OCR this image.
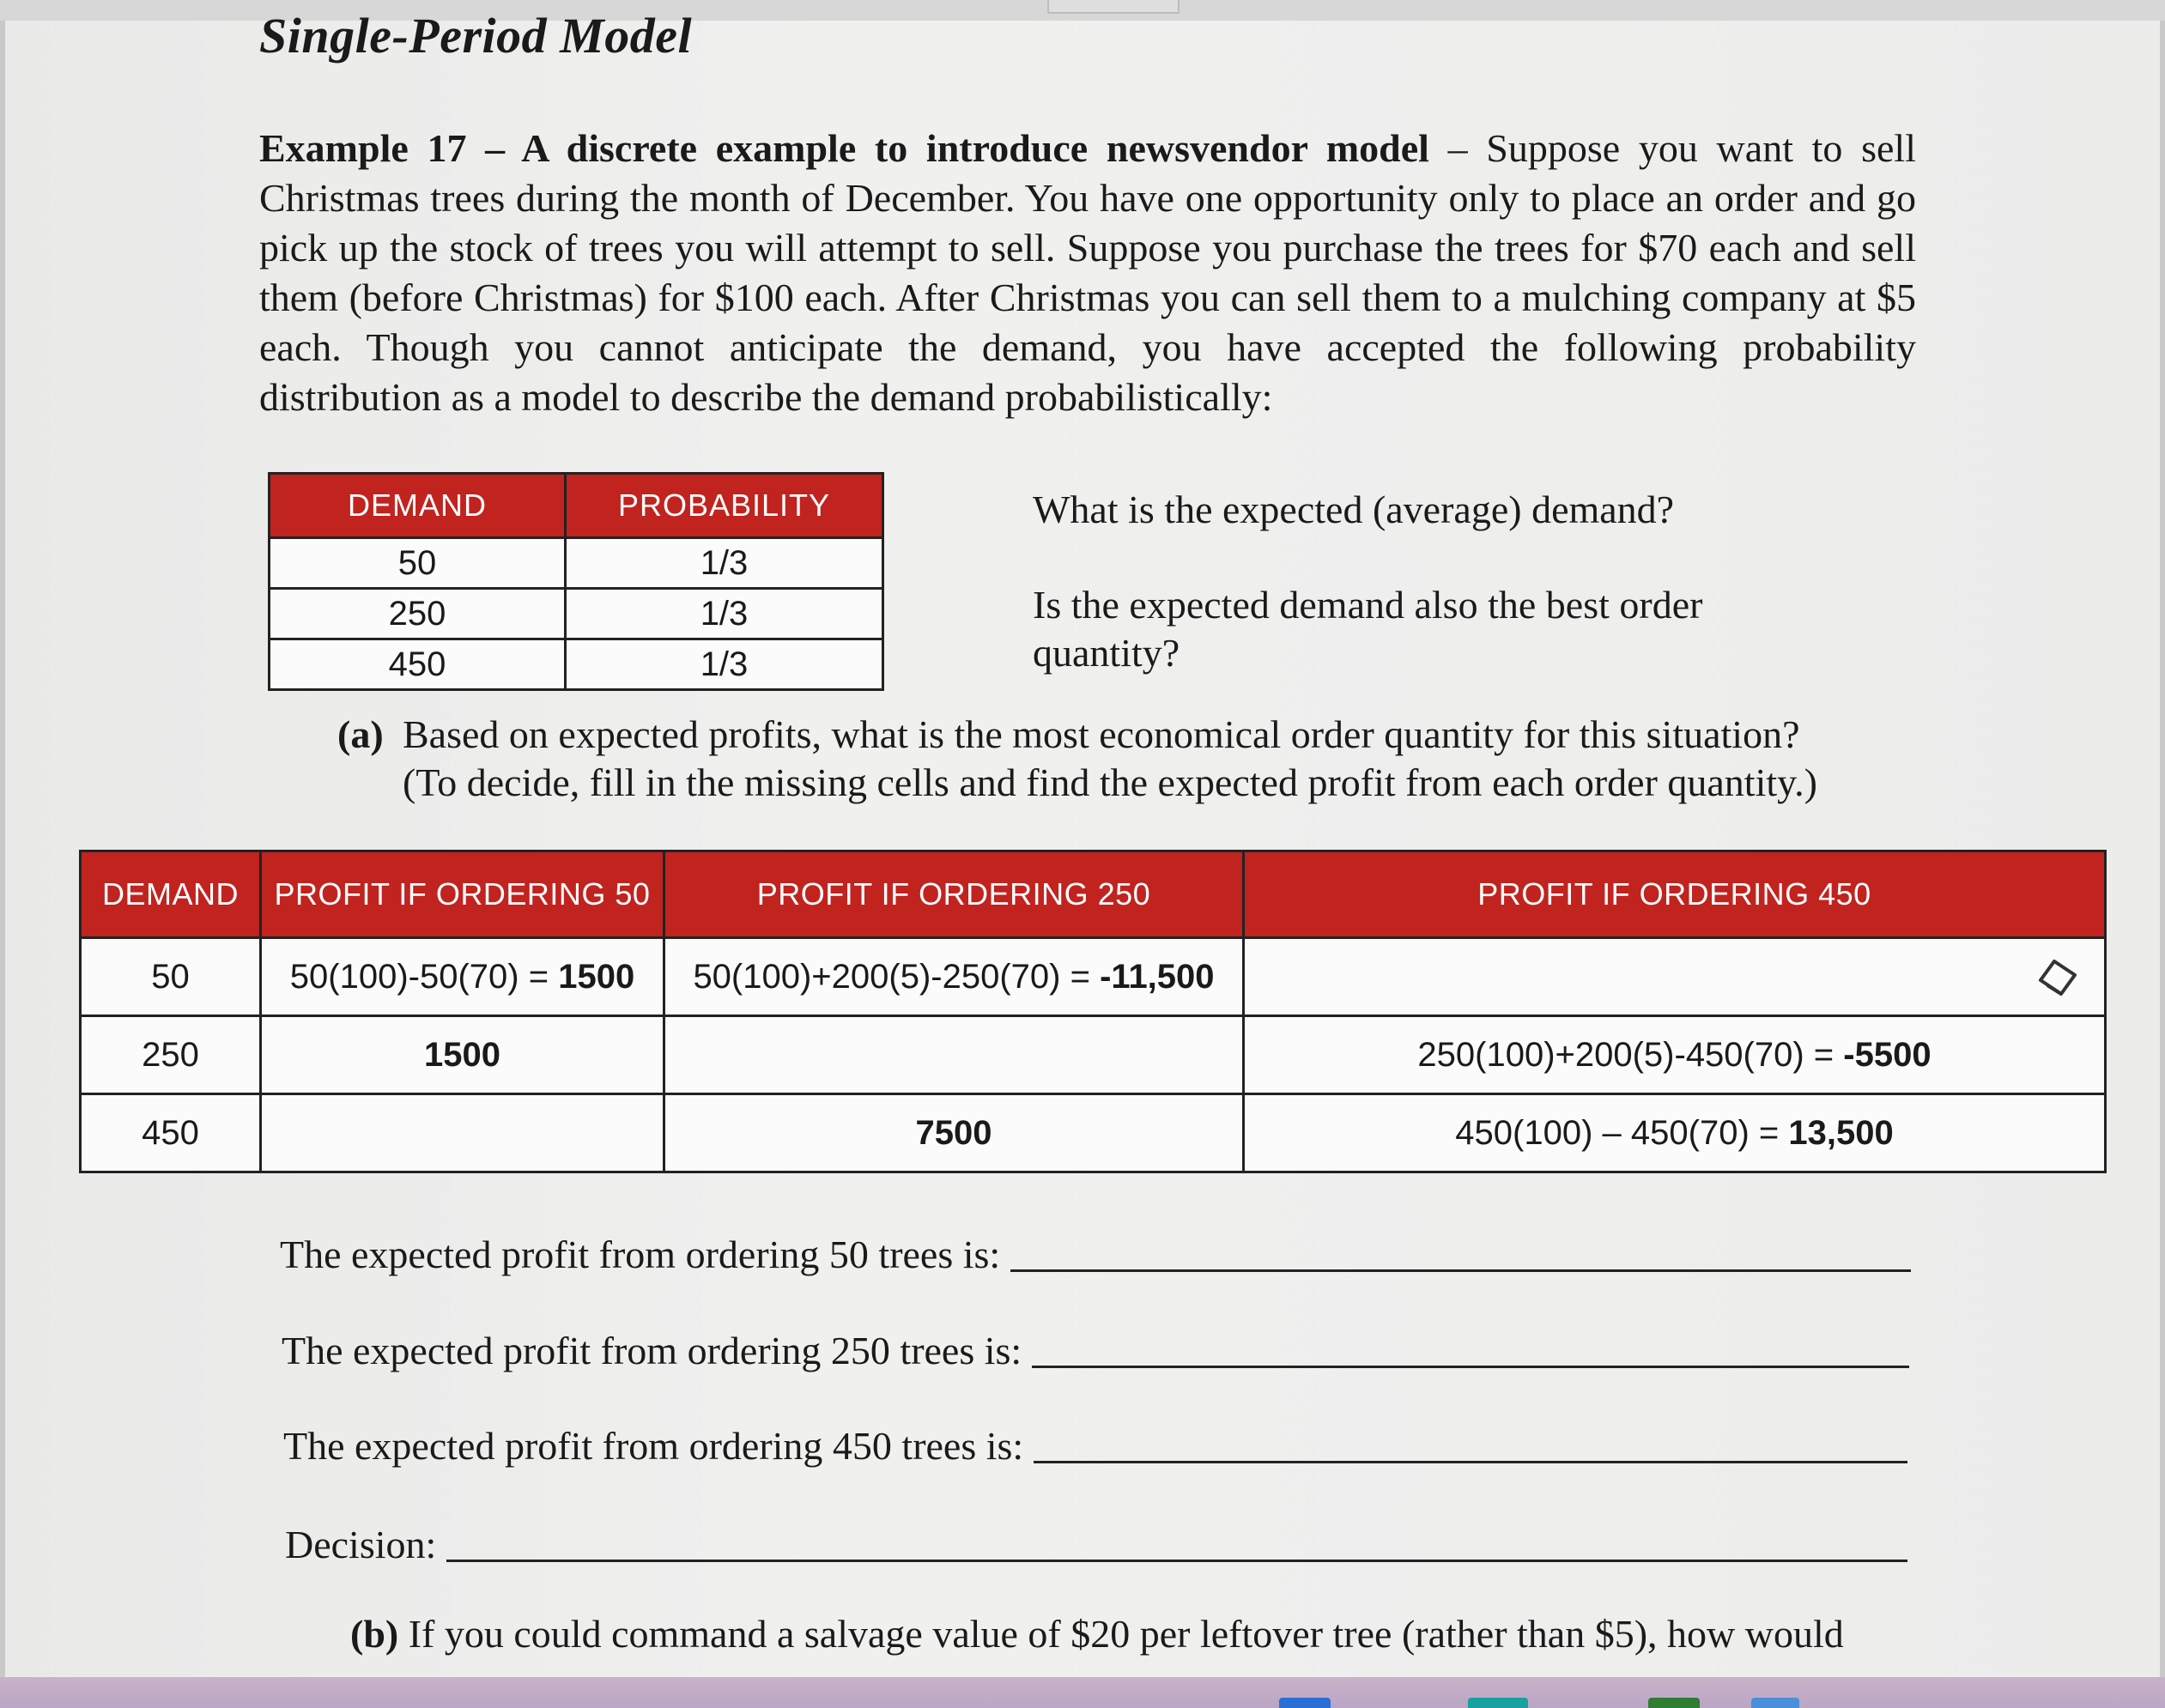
Single-Period Model

Example 17 – A discrete example to introduce newsvendor model – Suppose you want to sell Christmas trees during the month of December. You have one opportunity only to place an order and go pick up the stock of trees you will attempt to sell. Suppose you purchase the trees for $70 each and sell them (before Christmas) for $100 each. After Christmas you can sell them to a mulching company at $5 each. Though you cannot anticipate the demand, you have accepted the following probability distribution as a model to describe the demand probabilistically:

DEMAND	PROBABILITY
50	1/3
250	1/3
450	1/3

What is the expected (average) demand?

Is the expected demand also the best order quantity?

(a) Based on expected profits, what is the most economical order quantity for this situation?
(To decide, fill in the missing cells and find the expected profit from each order quantity.)

DEMAND	PROFIT IF ORDERING 50	PROFIT IF ORDERING 250	PROFIT IF ORDERING 450
50	50(100)-50(70) = 1500	50(100)+200(5)-250(70) = -11,500	

250	1500		250(100)+200(5)-450(70) = -5500
450		7500	450(100) – 450(70) = 13,500
The expected profit from ordering 50 trees is:
The expected profit from ordering 250 trees is:
The expected profit from ordering 450 trees is:
Decision:

(b) If you could command a salvage value of $20 per leftover tree (rather than $5), how would
